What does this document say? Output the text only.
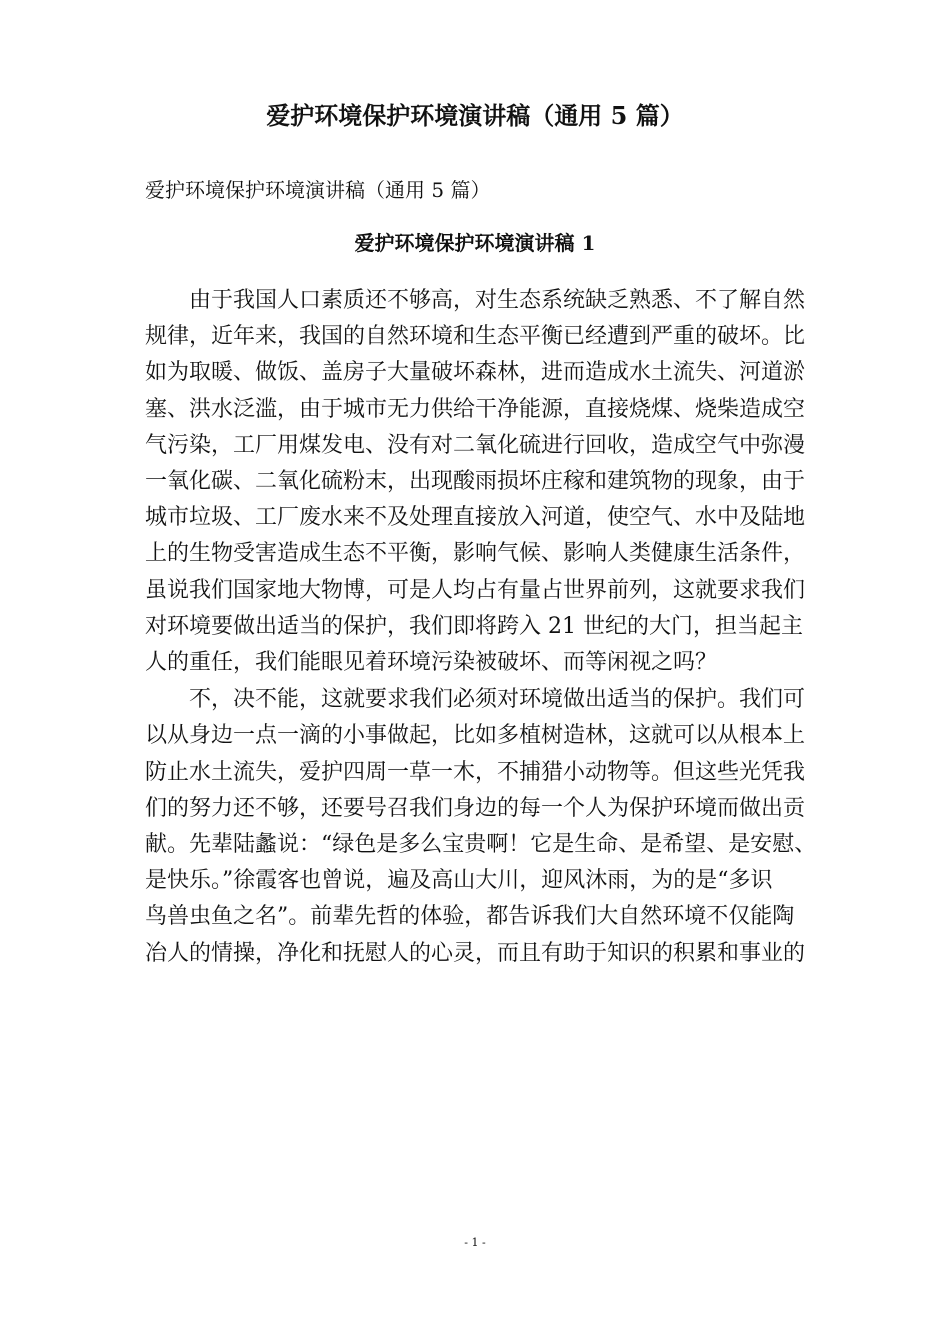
爱护环境保护环境演讲稿（通用 5 篇）

爱护环境保护环境演讲稿（通用 5 篇）

爱护环境保护环境演讲稿 1

由于我国人口素质还不够高，对生态系统缺乏熟悉、不了解自然
规律，近年来，我国的自然环境和生态平衡已经遭到严重的破坏。比
如为取暖、做饭、盖房子大量破坏森林，进而造成水土流失、河道淤
塞、洪水泛滥，由于城市无力供给干净能源，直接烧煤、烧柴造成空
气污染，工厂用煤发电、没有对二氧化硫进行回收，造成空气中弥漫
一氧化碳、二氧化硫粉末，出现酸雨损坏庄稼和建筑物的现象，由于
城市垃圾、工厂废水来不及处理直接放入河道，使空气、水中及陆地
上的生物受害造成生态不平衡，影响气候、影响人类健康生活条件，
虽说我们国家地大物博，可是人均占有量占世界前列，这就要求我们
对环境要做出适当的保护，我们即将跨入 21 世纪的大门，担当起主
人的重任，我们能眼见着环境污染被破坏、而等闲视之吗？

不，决不能，这就要求我们必须对环境做出适当的保护。我们可
以从身边一点一滴的小事做起，比如多植树造林，这就可以从根本上
防止水土流失，爱护四周一草一木，不捕猎小动物等。但这些光凭我
们的努力还不够，还要号召我们身边的每一个人为保护环境而做出贡
献。先辈陆蠡说：“绿色是多么宝贵啊！它是生命、是希望、是安慰、
是快乐。”徐霞客也曾说，遍及高山大川，迎风沐雨，为的是“多识
鸟兽虫鱼之名”。前辈先哲的体验，都告诉我们大自然环境不仅能陶
冶人的情操，净化和抚慰人的心灵，而且有助于知识的积累和事业的

- 1 -
